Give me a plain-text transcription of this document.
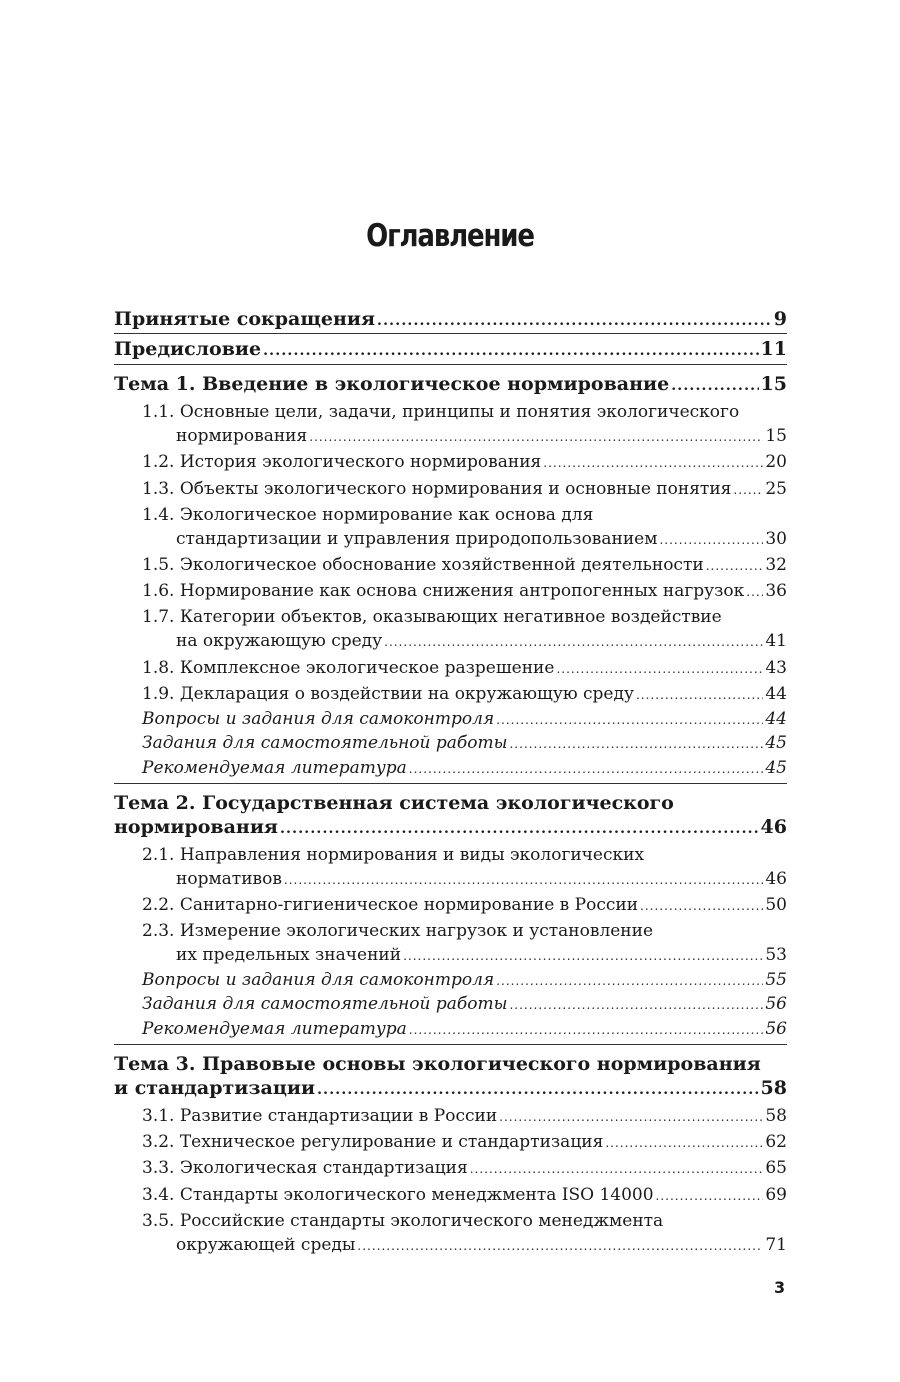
Оглавление
Принятые сокращения .....	9
Предисловие .....	11
Тема 1. Введение в экологическое нормирование .....	15
1.1. Основные цели, задачи, принципы и понятия экологического
нормирования .....	15
1.2. История экологического нормирования .....	20
1.3. Объекты экологического нормирования и основные понятия ..... 25
1.4. Экологическое нормирование как основа для
стандартизации и управления природопользованием .....	30
1.5. Экологическое обоснование хозяйственной деятельности .....	32
1.6. Нормирование как основа снижения антропогенных нагрузок ..... 36
1.7. Категории объектов, оказывающих негативное воздействие
на окружающую среду .....	41
1.8. Комплексное экологическое разрешение .....	43
1.9. Декларация о воздействии на окружающую среду .....	44
Вопросы и задания для самоконтроля .....	44
Задания для самостоятельной работы .....	45
Рекомендуемая литература .....	45
Тема 2. Государственная система экологического
нормирования .....	46
2.1. Направления нормирования и виды экологических
нормативов .....	46
2.2. Санитарно-гигиеническое нормирование в России .....	50
2.3. Измерение экологических нагрузок и установление
их предельных значений .....	53
Вопросы и задания для самоконтроля .....	55
Задания для самостоятельной работы .....	56
Рекомендуемая литература .....	56
Тема 3. Правовые основы экологического нормирования
и стандартизации .....	58
3.1. Развитие стандартизации в России .....	58
3.2. Техническое регулирование и стандартизация .....	62
3.3. Экологическая стандартизация .....	65
3.4. Стандарты экологического менеджмента ISO 14000 .....	69
3.5. Российские стандарты экологического менеджмента
окружающей среды .....	71
3
